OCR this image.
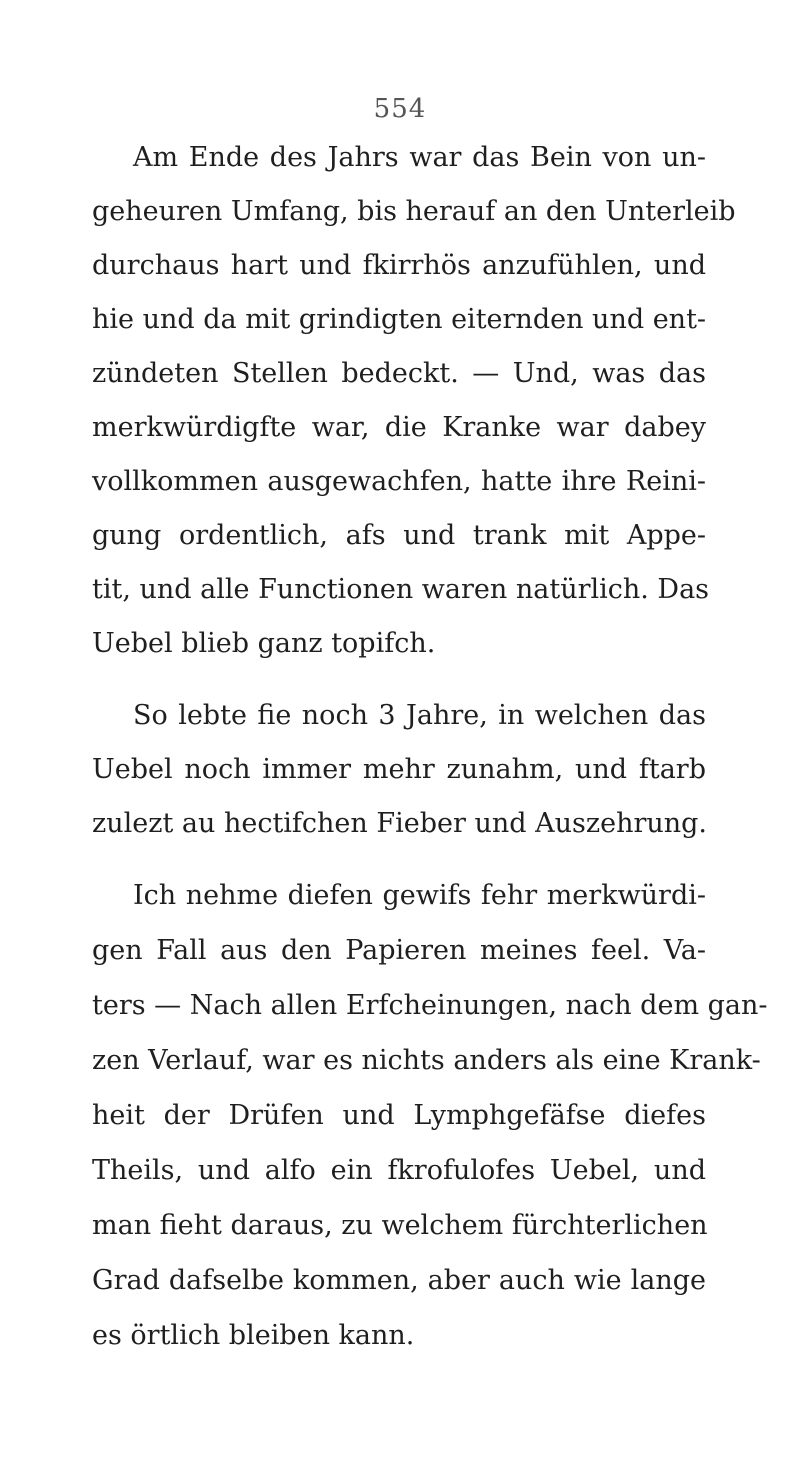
554
Am Ende des Jahrs war das Bein von un-
geheuren Umfang, bis herauf an den Unterleib
durchaus hart und fkirrhös anzufühlen, und
hie und da mit grindigten eiternden und ent-
zündeten Stellen bedeckt. — Und, was das
merkwürdigfte war, die Kranke war dabey
vollkommen ausgewachfen, hatte ihre Reini-
gung ordentlich, afs und trank mit Appe-
tit, und alle Functionen waren natürlich. Das
Uebel blieb ganz topifch.
So lebte fie noch 3 Jahre, in welchen das
Uebel noch immer mehr zunahm, und ftarb
zulezt au hectifchen Fieber und Auszehrung.
Ich nehme diefen gewifs fehr merkwürdi-
gen Fall aus den Papieren meines feel. Va-
ters — Nach allen Erfcheinungen, nach dem gan-
zen Verlauf, war es nichts anders als eine Krank-
heit der Drüfen und Lymphgefäfse diefes
Theils, und alfo ein fkrofulofes Uebel, und
man fieht daraus, zu welchem fürchterlichen
Grad dafselbe kommen, aber auch wie lange
es örtlich bleiben kann.
